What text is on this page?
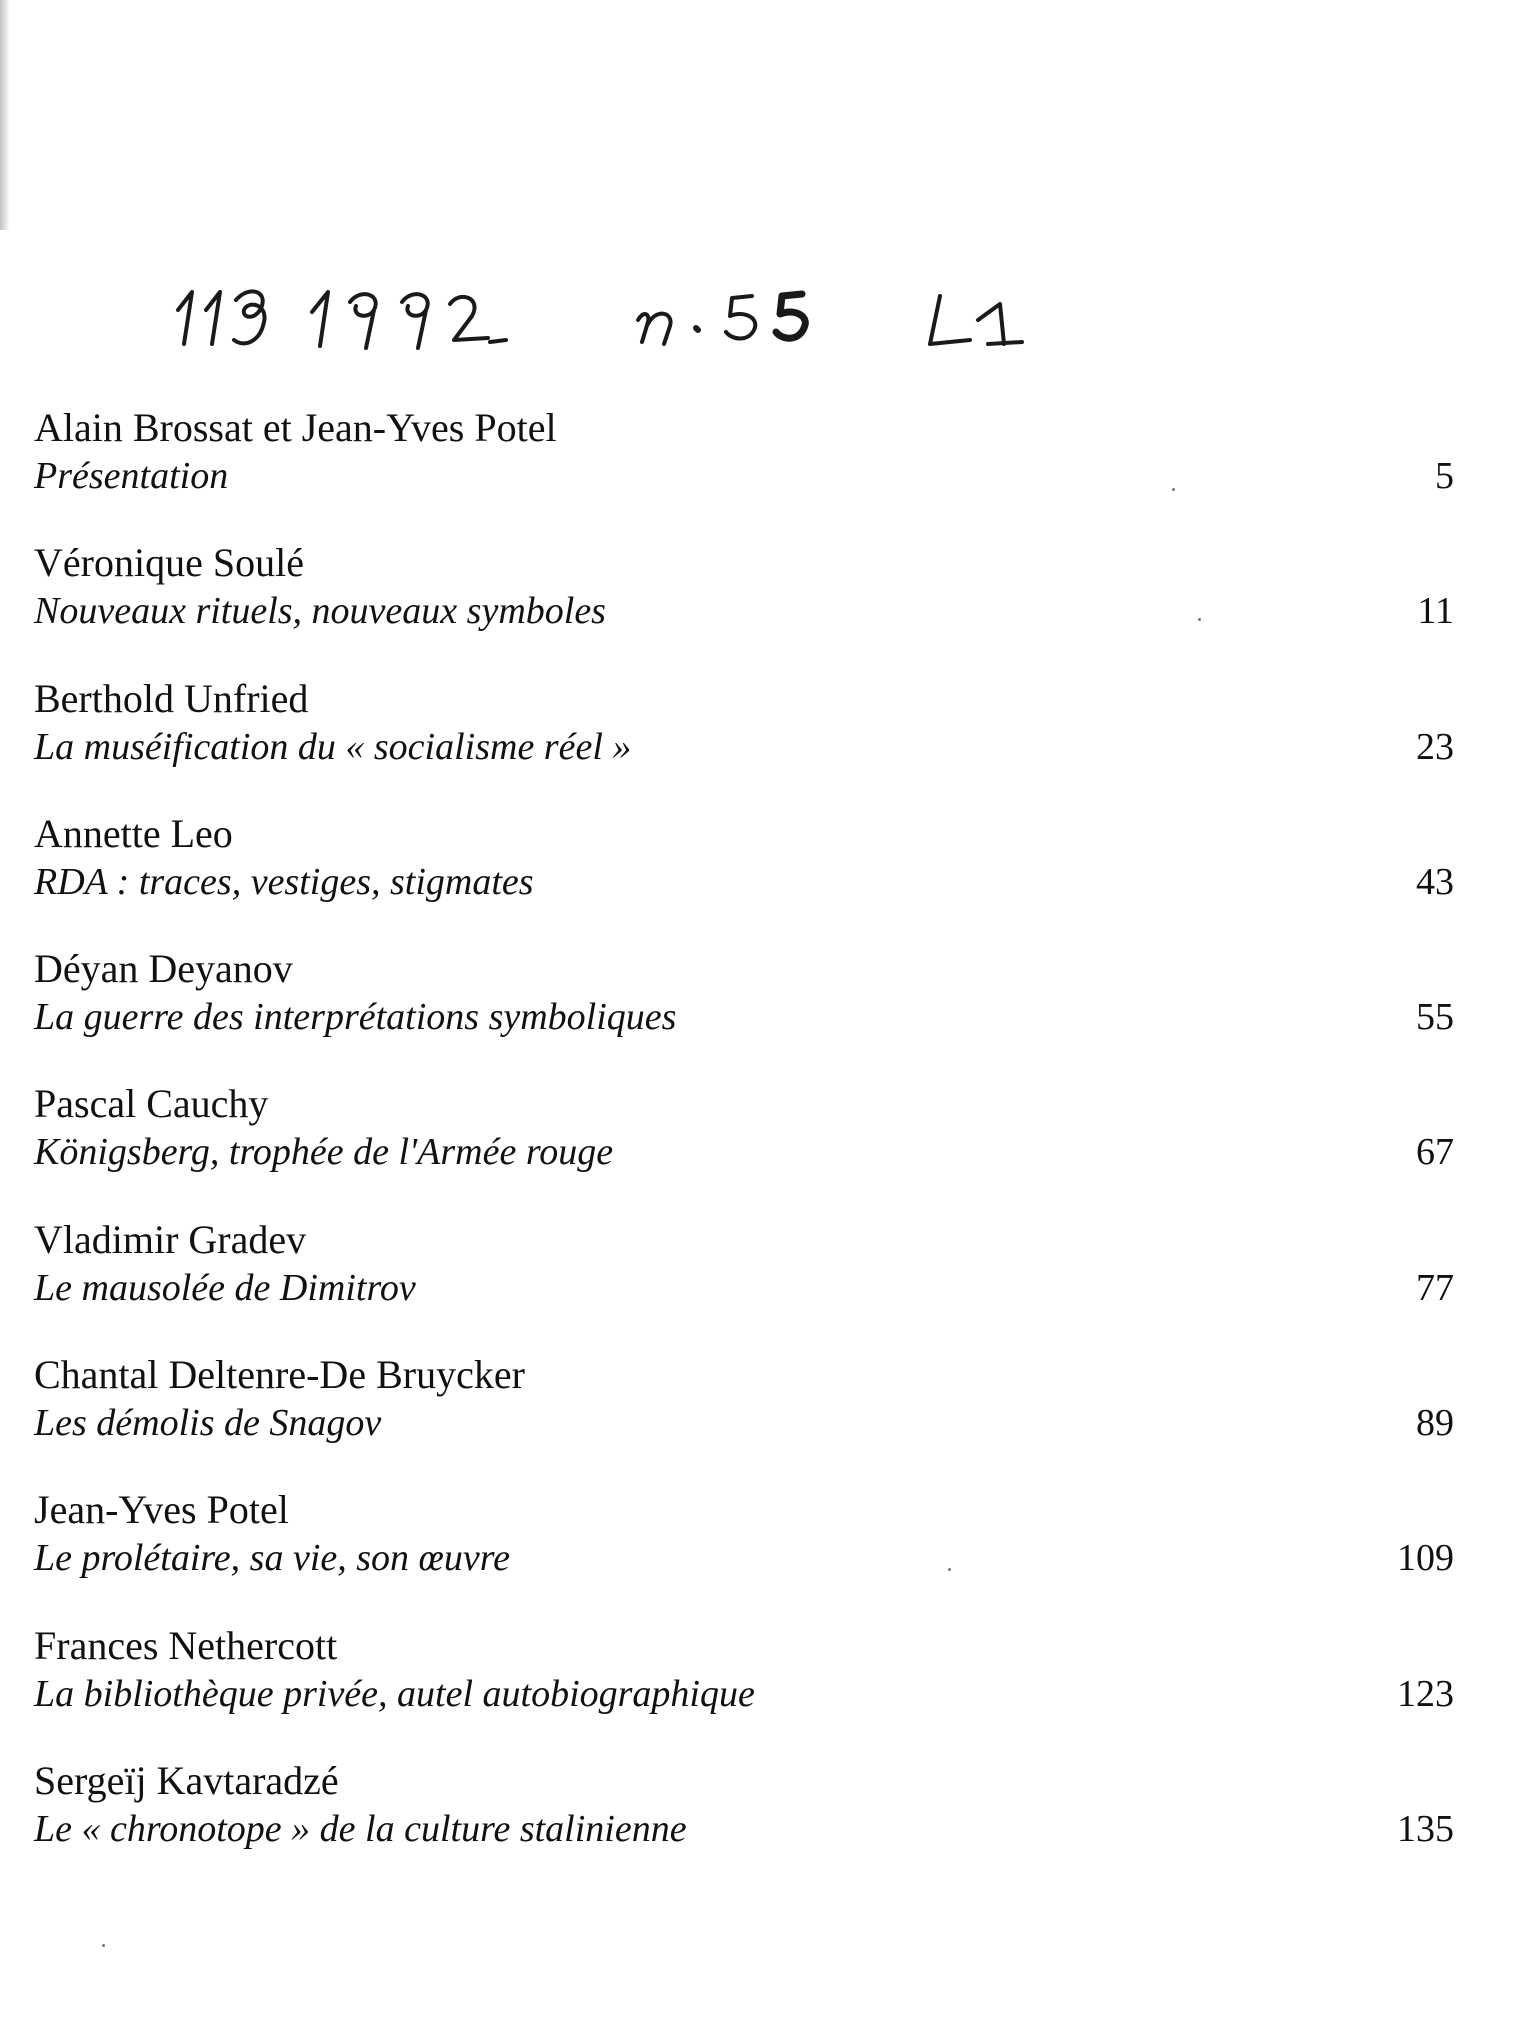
Alain Brossat et Jean-Yves Potel
Présentation	5
Véronique Soulé
Nouveaux rituels, nouveaux symboles	11
Berthold Unfried
La muséification du « socialisme réel »	23
Annette Leo
RDA : traces, vestiges, stigmates	43
Déyan Deyanov
La guerre des interprétations symboliques	55
Pascal Cauchy
Königsberg, trophée de l'Armée rouge	67
Vladimir Gradev
Le mausolée de Dimitrov	77
Chantal Deltenre-De Bruycker
Les démolis de Snagov	89
Jean-Yves Potel
Le prolétaire, sa vie, son œuvre	109
Frances Nethercott
La bibliothèque privée, autel autobiographique	123
Sergeïj Kavtaradzé
Le « chronotope » de la culture stalinienne	135
